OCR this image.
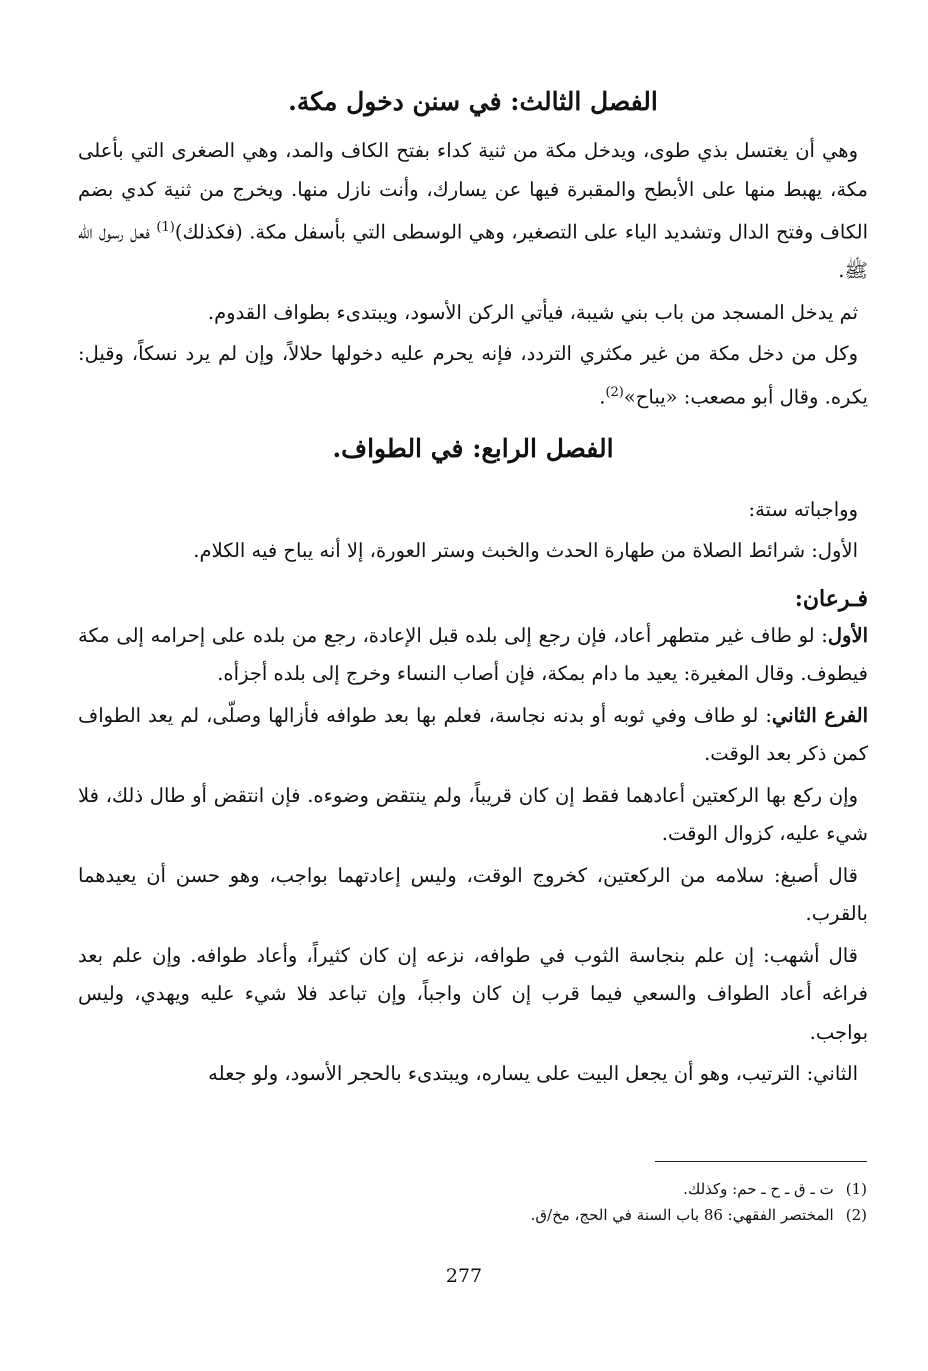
الفصل الثالث: في سنن دخول مكة.

وهي أن يغتسل بذي طوى، ويدخل مكة من ثنية كداء بفتح الكاف والمد، وهي الصغرى التي بأعلى مكة، يهبط منها على الأبطح والمقبرة فيها عن يسارك، وأنت نازل منها. ويخرج من ثنية كدي بضم الكاف وفتح الدال وتشديد الياء على التصغير، وهي الوسطى التي بأسفل مكة. (فكذلك)$^{(1)}$ فعل رسول الله ﷺ.

ثم يدخل المسجد من باب بني شيبة، فيأتي الركن الأسود، ويبتدىء بطواف القدوم.

وكل من دخل مكة من غير مكثري التردد، فإنه يحرم عليه دخولها حلالاً، وإن لم يرد نسكاً، وقيل: يكره. وقال أبو مصعب: «يباح»$^{(2)}$.

الفصل الرابع: في الطواف.

وواجباته ستة:

الأول: شرائط الصلاة من طهارة الحدث والخبث وستر العورة، إلا أنه يباح فيه الكلام.

فـرعان:

الأول: لو طاف غير متطهر أعاد، فإن رجع إلى بلده قبل الإعادة، رجع من بلده على إحرامه إلى مكة فيطوف. وقال المغيرة: يعيد ما دام بمكة، فإن أصاب النساء وخرج إلى بلده أجزأه.

الفرع الثاني: لو طاف وفي ثوبه أو بدنه نجاسة، فعلم بها بعد طوافه فأزالها وصلّى، لم يعد الطواف كمن ذكر بعد الوقت.

وإن ركع بها الركعتين أعادهما فقط إن كان قريباً، ولم ينتقض وضوءه. فإن انتقض أو طال ذلك، فلا شيء عليه، كزوال الوقت.

قال أصبغ: سلامه من الركعتين، كخروج الوقت، وليس إعادتهما بواجب، وهو حسن أن يعيدهما بالقرب.

قال أشهب: إن علم بنجاسة الثوب في طوافه، نزعه إن كان كثيراً، وأعاد طوافه. وإن علم بعد فراغه أعاد الطواف والسعي فيما قرب إن كان واجباً، وإن تباعد فلا شيء عليه ويهدي، وليس بواجب.

الثاني: الترتيب، وهو أن يجعل البيت على يساره، ويبتدىء بالحجر الأسود، ولو جعله

(1)ت ـ ق ـ ح ـ حم: وكذلك.
(2)المختصر الفقهي: 86 باب السنة في الحج، مخ/ق.
277
